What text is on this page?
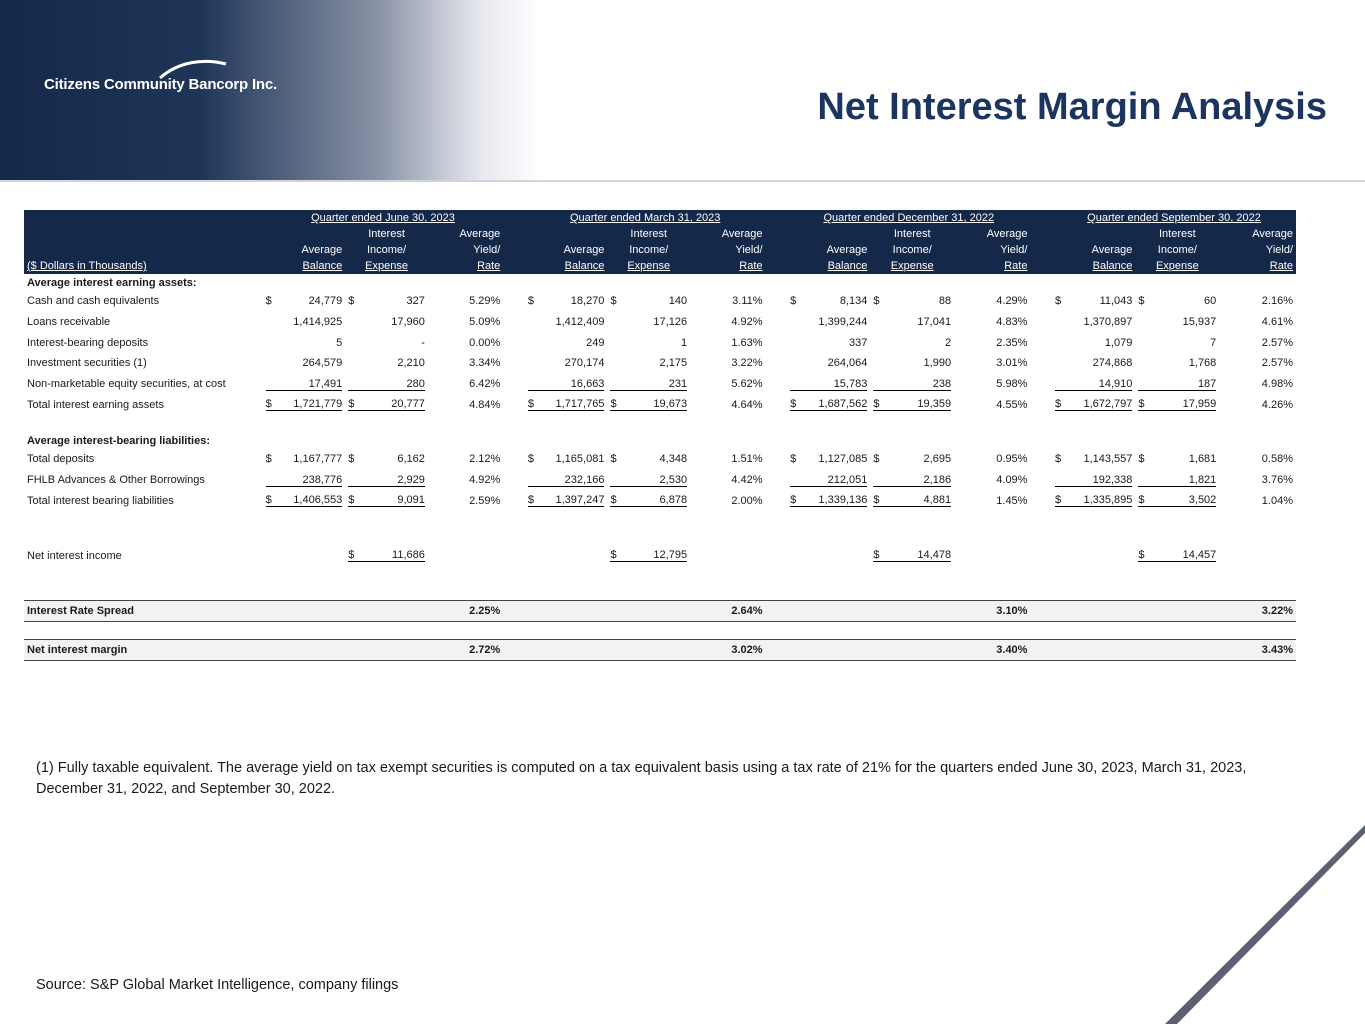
Citizens Community Bancorp Inc.
Net Interest Margin Analysis
	Quarter ended June 30, 2023				Quarter ended March 31, 2023				Quarter ended December 31, 2022				Quarter ended September 30, 2022		
		Interest	Average			Interest	Average			Interest	Average			Interest	Average
	Average	Income/	Yield/		Average	Income/	Yield/		Average	Income/	Yield/		Average	Income/	Yield/
($ Dollars in Thousands)	Balance	Expense	Rate		Balance	Expense	Rate		Balance	Expense	Rate		Balance	Expense	Rate
Average interest earning assets:															
Cash and cash equivalents	$ 24,779	$ 327	5.29%		$ 18,270	$ 140	3.11%		$ 8,134	$ 88	4.29%		$ 11,043	$ 60	2.16%

Loans receivable	1,414,925	17,960	5.09%		1,412,409	17,126	4.92%		1,399,244	17,041	4.83%		1,370,897	15,937	4.61%

Interest-bearing deposits	5	-	0.00%		249	1	1.63%		337	2	2.35%		1,079	7	2.57%

Investment securities (1)	264,579	2,210	3.34%		270,174	2,175	3.22%		264,064	1,990	3.01%		274,868	1,768	2.57%

Non-marketable equity securities, at cost	17,491	280	6.42%		16,663	231	5.62%		15,783	238	5.98%		14,910	187	4.98%

Total interest earning assets	$ 1,721,779	$ 20,777	4.84%		$ 1,717,765	$ 19,673	4.64%		$ 1,687,562	$ 19,359	4.55%		$ 1,672,797	$ 17,959	4.26%

Average interest-bearing liabilities:															
Total deposits	$ 1,167,777	$ 6,162	2.12%		$ 1,165,081	$ 4,348	1.51%		$ 1,127,085	$ 2,695	0.95%		$ 1,143,557	$ 1,681	0.58%

FHLB Advances & Other Borrowings	238,776	2,929	4.92%		232,166	2,530	4.42%		212,051	2,186	4.09%		192,338	1,821	3.76%

Total interest bearing liabilities	$ 1,406,553	$ 9,091	2.59%		$ 1,397,247	$ 6,878	2.00%		$ 1,339,136	$ 4,881	1.45%		$ 1,335,895	$ 3,502	1.04%

Net interest income		$ 11,686				$ 12,795				$ 14,478				$ 14,457	

Interest Rate Spread			2.25%				2.64%				3.10%				3.22%

Net interest margin			2.72%				3.02%				3.40%				3.43%
(1) Fully taxable equivalent. The average yield on tax exempt securities is computed on a tax equivalent basis using a tax rate of 21% for the quarters ended June 30, 2023, March 31, 2023, December 31, 2022, and September 30, 2022.
Source: S&P Global Market Intelligence, company filings
